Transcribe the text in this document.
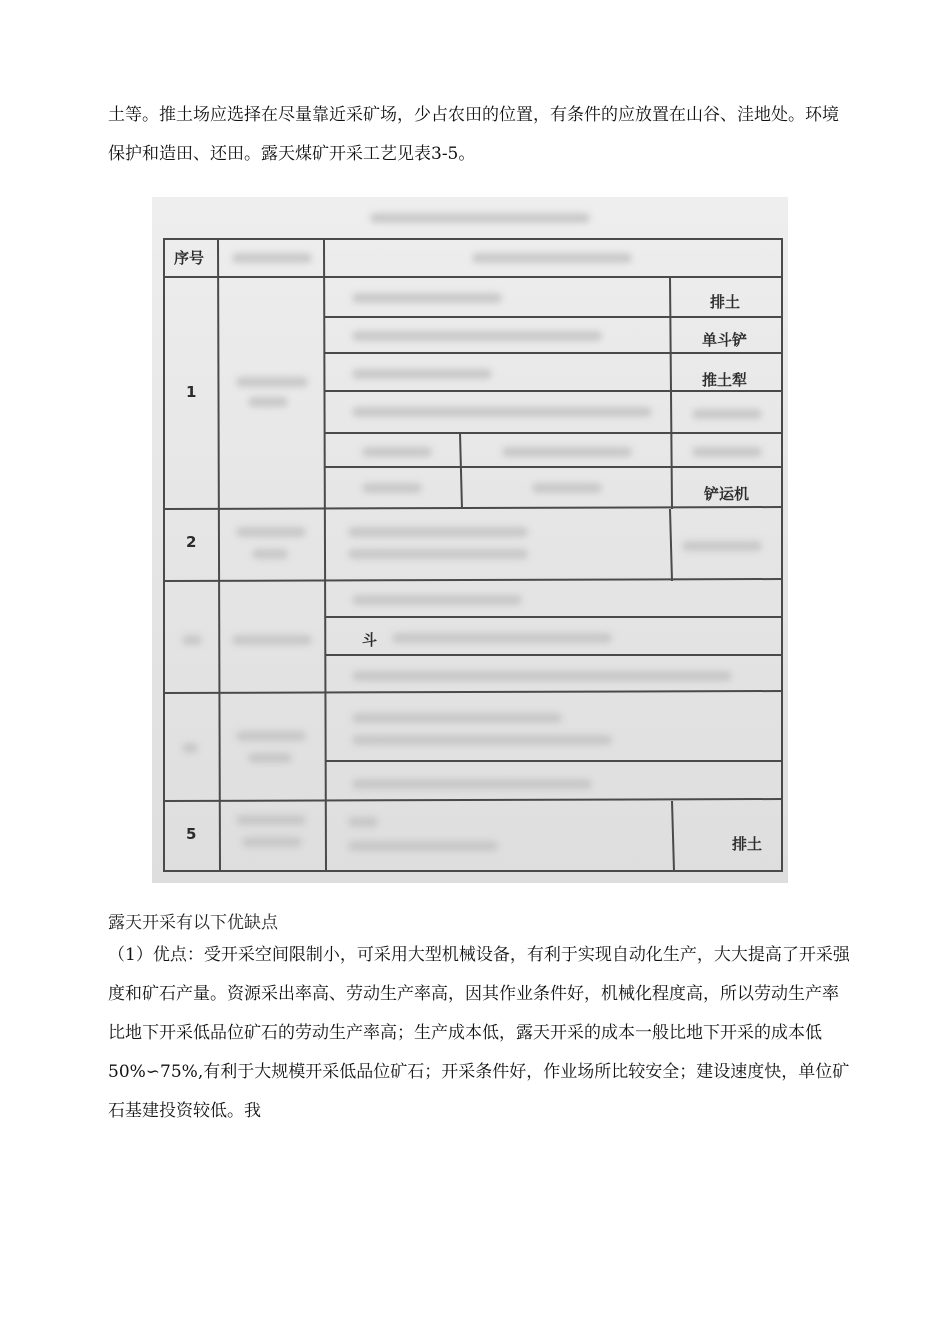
土等。推土场应选择在尽量靠近采矿场，少占农田的位置，有条件的应放置在山谷、洼地处。环境保护和造田、还田。露天煤矿开采工艺见表3-5。

序号
1
排土
单斗铲
推土犁
铲运机
2
斗
5
排土
露天开采有以下优缺点

（1）优点：受开采空间限制小，可采用大型机械设备，有利于实现自动化生产，大大提高了开采强度和矿石产量。资源采出率高、劳动生产率高，因其作业条件好，机械化程度高，所以劳动生产率比地下开采低品位矿石的劳动生产率高；生产成本低，露天开采的成本一般比地下开采的成本低50%∽75%,有利于大规模开采低品位矿石；开采条件好，作业场所比较安全；建设速度快，单位矿石基建投资较低。我
